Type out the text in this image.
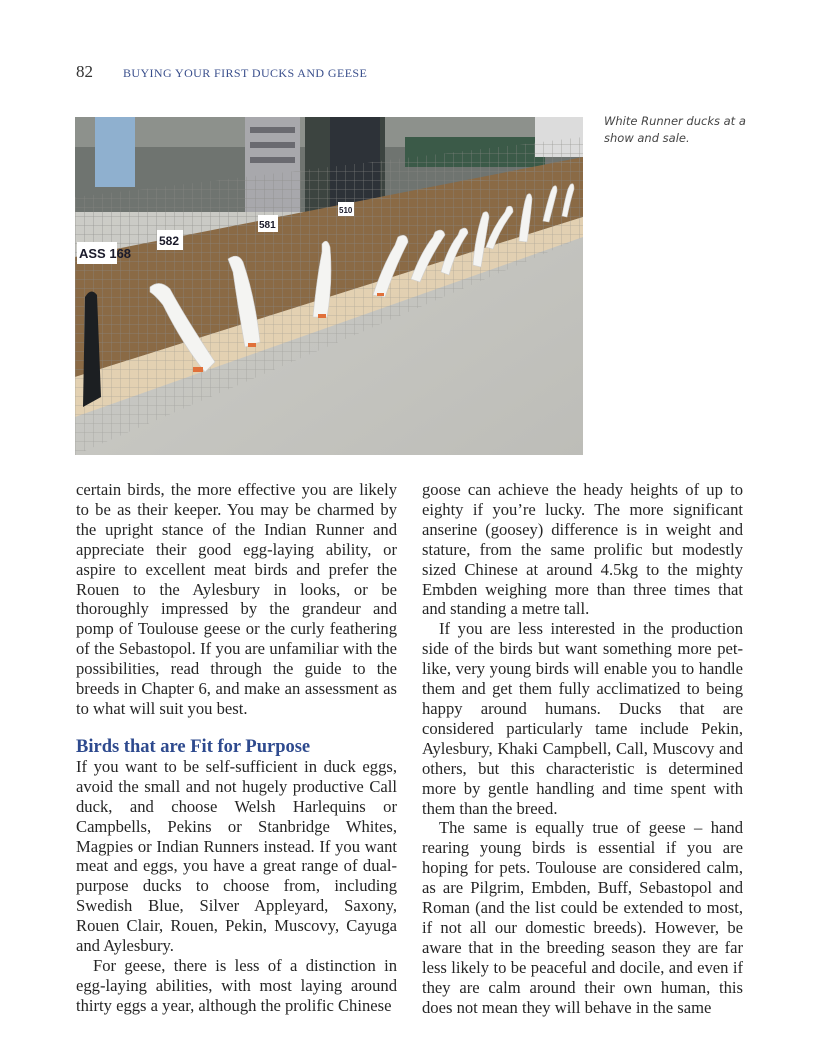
82	BUYING YOUR FIRST DUCKS AND GEESE
ASS 168
582
581
510
White Runner ducks at a show and sale.

certain birds, the more effective you are likely to be as their keeper. You may be charmed by the upright stance of the Indian Runner and appreciate their good egg-laying ability, or aspire to excellent meat birds and prefer the Rouen to the Aylesbury in looks, or be thoroughly impressed by the grandeur and pomp of Toulouse geese or the curly feathering of the Sebastopol. If you are unfamiliar with the possibilities, read through the guide to the breeds in Chapter 6, and make an assessment as to what will suit you best.

Birds that are Fit for Purpose

If you want to be self-sufficient in duck eggs, avoid the small and not hugely productive Call duck, and choose Welsh Harlequins or Campbells, Pekins or Stanbridge Whites, Magpies or Indian Runners instead. If you want meat and eggs, you have a great range of dual-purpose ducks to choose from, including Swedish Blue, Silver Appleyard, Saxony, Rouen Clair, Rouen, Pekin, Muscovy, Cayuga and Aylesbury.

For geese, there is less of a distinction in egg-laying abilities, with most laying around thirty eggs a year, although the prolific Chinese

goose can achieve the heady heights of up to eighty if you’re lucky. The more significant anserine (goosey) difference is in weight and stature, from the same prolific but modestly sized Chinese at around 4.5kg to the mighty Embden weighing more than three times that and standing a metre tall.

If you are less interested in the production side of the birds but want something more pet-like, very young birds will enable you to handle them and get them fully acclimatized to being happy around humans. Ducks that are considered particularly tame include Pekin, Aylesbury, Khaki Campbell, Call, Muscovy and others, but this characteristic is determined more by gentle handling and time spent with them than the breed.

The same is equally true of geese – hand rearing young birds is essential if you are hoping for pets. Toulouse are considered calm, as are Pilgrim, Embden, Buff, Sebastopol and Roman (and the list could be extended to most, if not all our domestic breeds). However, be aware that in the breeding season they are far less likely to be peaceful and docile, and even if they are calm around their own human, this does not mean they will behave in the same
